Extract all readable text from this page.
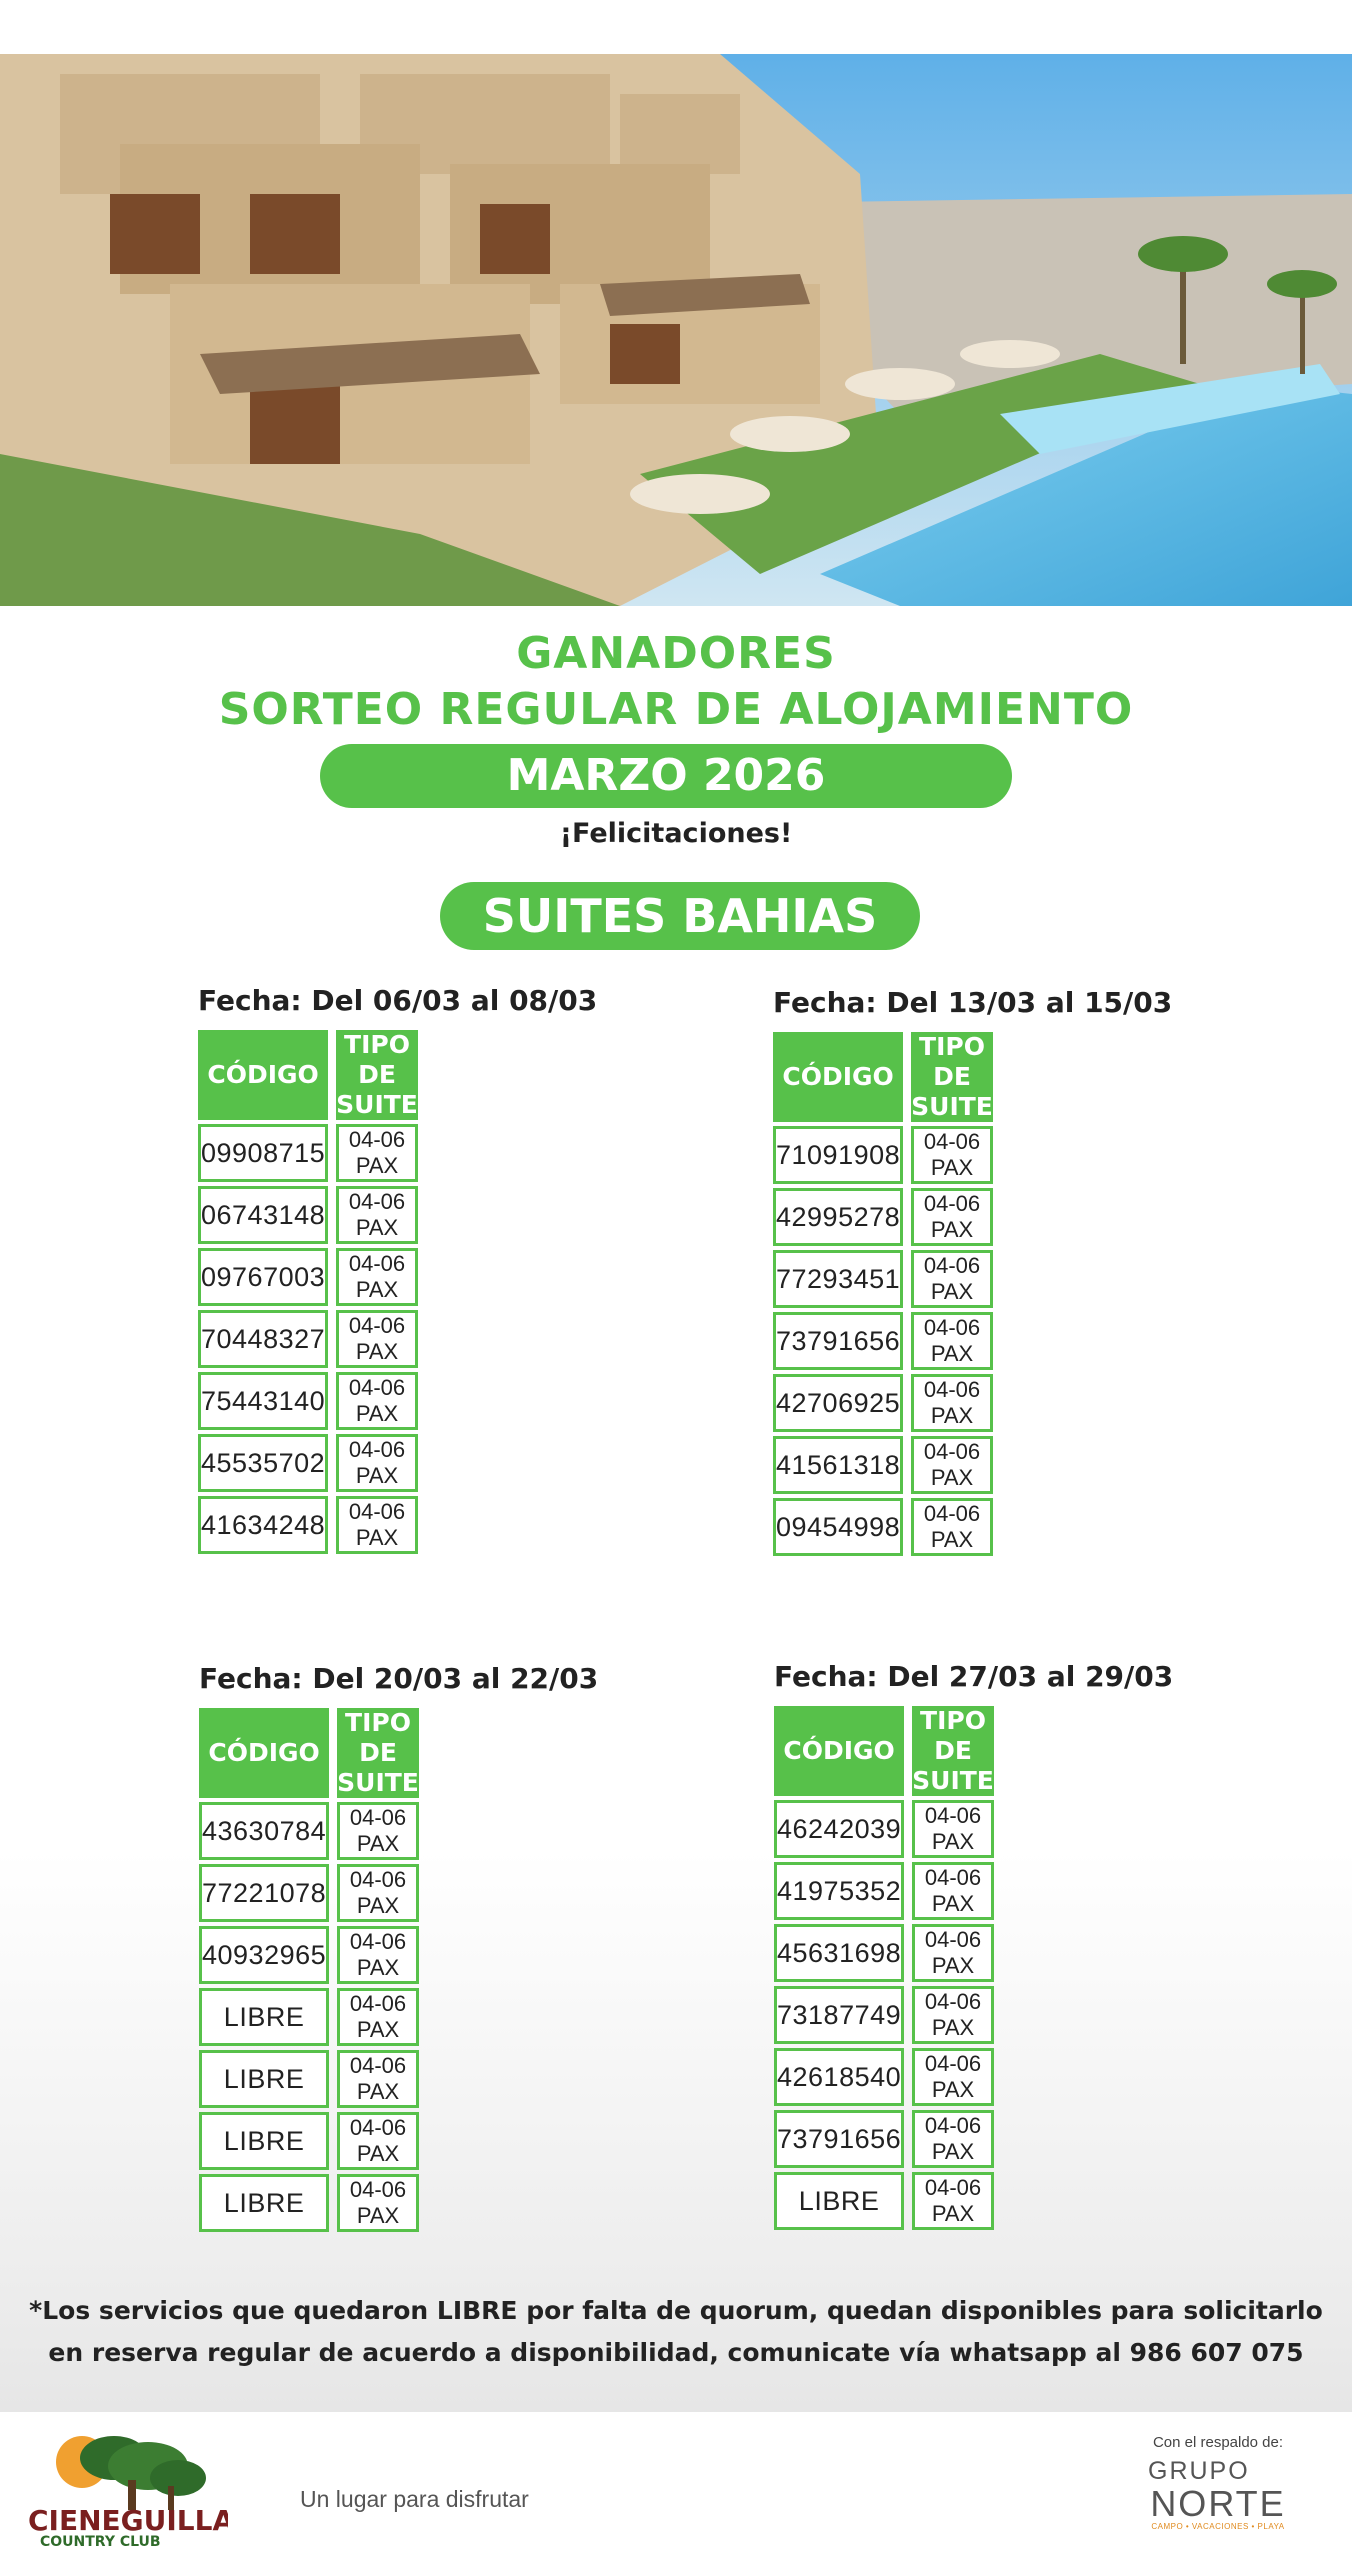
GANADORES
SORTEO REGULAR DE ALOJAMIENTO
MARZO 2026
¡Felicitaciones!
SUITES BAHIAS
Fecha: Del 06/03 al 08/03
CÓDIGO	TIPO DE
SUITE
09908715	04-06 PAX
06743148	04-06 PAX
09767003	04-06 PAX
70448327	04-06 PAX
75443140	04-06 PAX
45535702	04-06 PAX
41634248	04-06 PAX
Fecha: Del 13/03 al 15/03
CÓDIGO	TIPO DE
SUITE
71091908	04-06 PAX
42995278	04-06 PAX
77293451	04-06 PAX
73791656	04-06 PAX
42706925	04-06 PAX
41561318	04-06 PAX
09454998	04-06 PAX
Fecha: Del 20/03 al 22/03
CÓDIGO	TIPO DE
SUITE
43630784	04-06 PAX
77221078	04-06 PAX
40932965	04-06 PAX
LIBRE	04-06 PAX
LIBRE	04-06 PAX
LIBRE	04-06 PAX
LIBRE	04-06 PAX
Fecha: Del 27/03 al 29/03
CÓDIGO	TIPO DE
SUITE
46242039	04-06 PAX
41975352	04-06 PAX
45631698	04-06 PAX
73187749	04-06 PAX
42618540	04-06 PAX
73791656	04-06 PAX
LIBRE	04-06 PAX
*Los servicios que quedaron LIBRE por falta de quorum, quedan disponibles para solicitarlo
en reserva regular de acuerdo a disponibilidad, comunicate vía whatsapp al 986 607 075
CIENEGUILLA
COUNTRY CLUB
Un lugar para disfrutar
Con el respaldo de:
GRUPO
NORTE
CAMPO • VACACIONES • PLAYA
